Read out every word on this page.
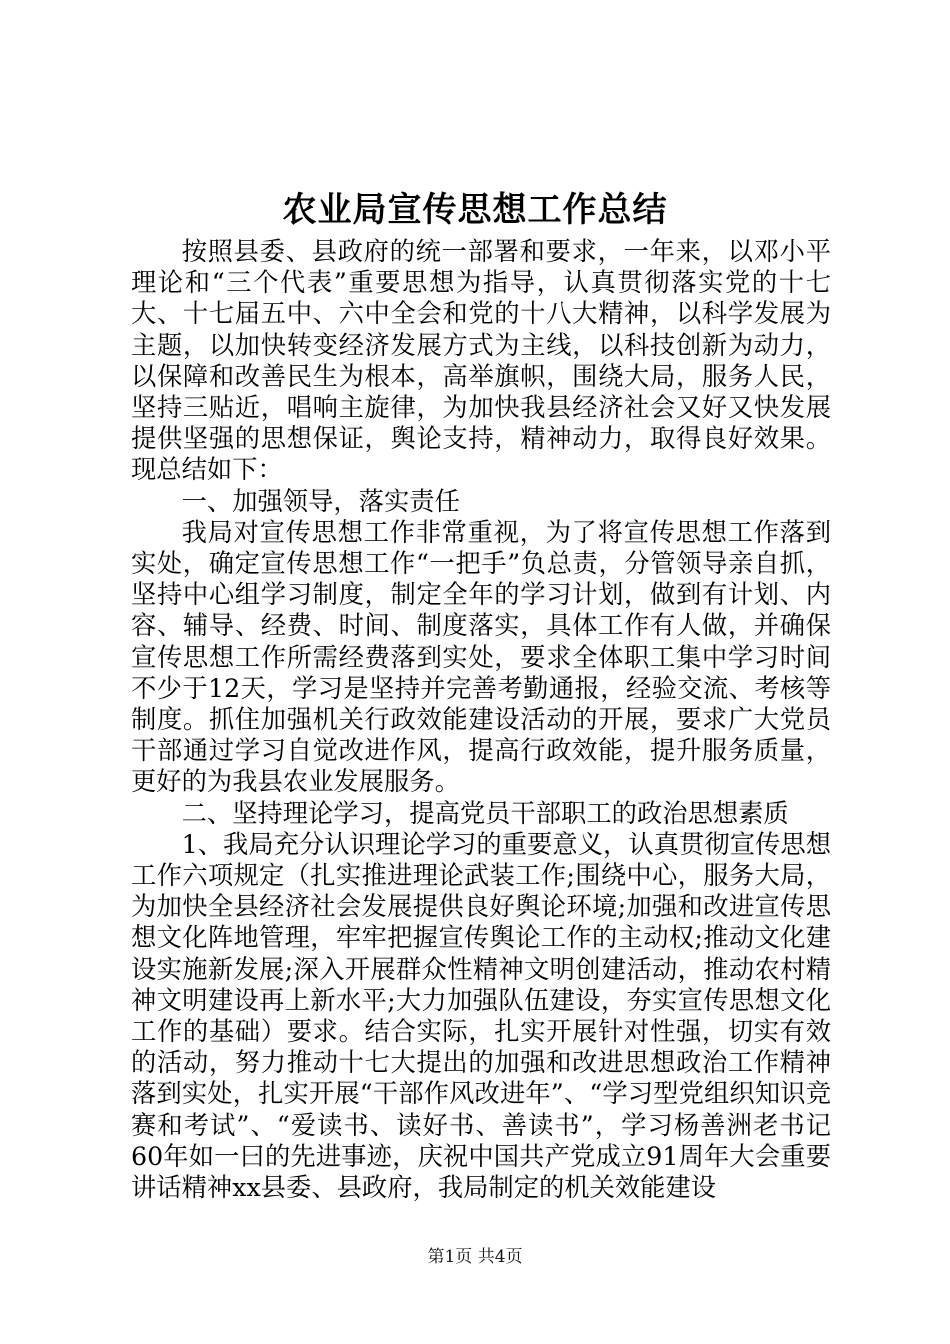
农业局宣传思想工作总结

按照县委、县政府的统一部署和要求，一年来，以邓小平理论和“三个代表”重要思想为指导，认真贯彻落实党的十七大、十七届五中、六中全会和党的十八大精神，以科学发展为主题，以加快转变经济发展方式为主线，以科技创新为动力，以保障和改善民生为根本，高举旗帜，围绕大局，服务人民，坚持三贴近，唱响主旋律，为加快我县经济社会又好又快发展提供坚强的思想保证，舆论支持，精神动力，取得良好效果。现总结如下：

一、加强领导，落实责任

我局对宣传思想工作非常重视，为了将宣传思想工作落到实处，确定宣传思想工作“一把手”负总责，分管领导亲自抓，坚持中心组学习制度，制定全年的学习计划，做到有计划、内容、辅导、经费、时间、制度落实，具体工作有人做，并确保宣传思想工作所需经费落到实处，要求全体职工集中学习时间不少于12天，学习是坚持并完善考勤通报，经验交流、考核等制度。抓住加强机关行政效能建设活动的开展，要求广大党员干部通过学习自觉改进作风，提高行政效能，提升服务质量，更好的为我县农业发展服务。

二、坚持理论学习，提高党员干部职工的政治思想素质

1、我局充分认识理论学习的重要意义，认真贯彻宣传思想工作六项规定（扎实推进理论武装工作;围绕中心，服务大局，为加快全县经济社会发展提供良好舆论环境;加强和改进宣传思想文化阵地管理，牢牢把握宣传舆论工作的主动权;推动文化建设实施新发展;深入开展群众性精神文明创建活动，推动农村精神文明建设再上新水平;大力加强队伍建设，夯实宣传思想文化工作的基础）要求。结合实际，扎实开展针对性强，切实有效的活动，努力推动十七大提出的加强和改进思想政治工作精神落到实处，扎实开展“干部作风改进年”、“学习型党组织知识竞赛和考试”、“爱读书、读好书、善读书”，学习杨善洲老书记60年如一曰的先进事迹，庆祝中国共产党成立91周年大会重要讲话精神xx县委、县政府，我局制定的机关效能建设

第1页 共4页
